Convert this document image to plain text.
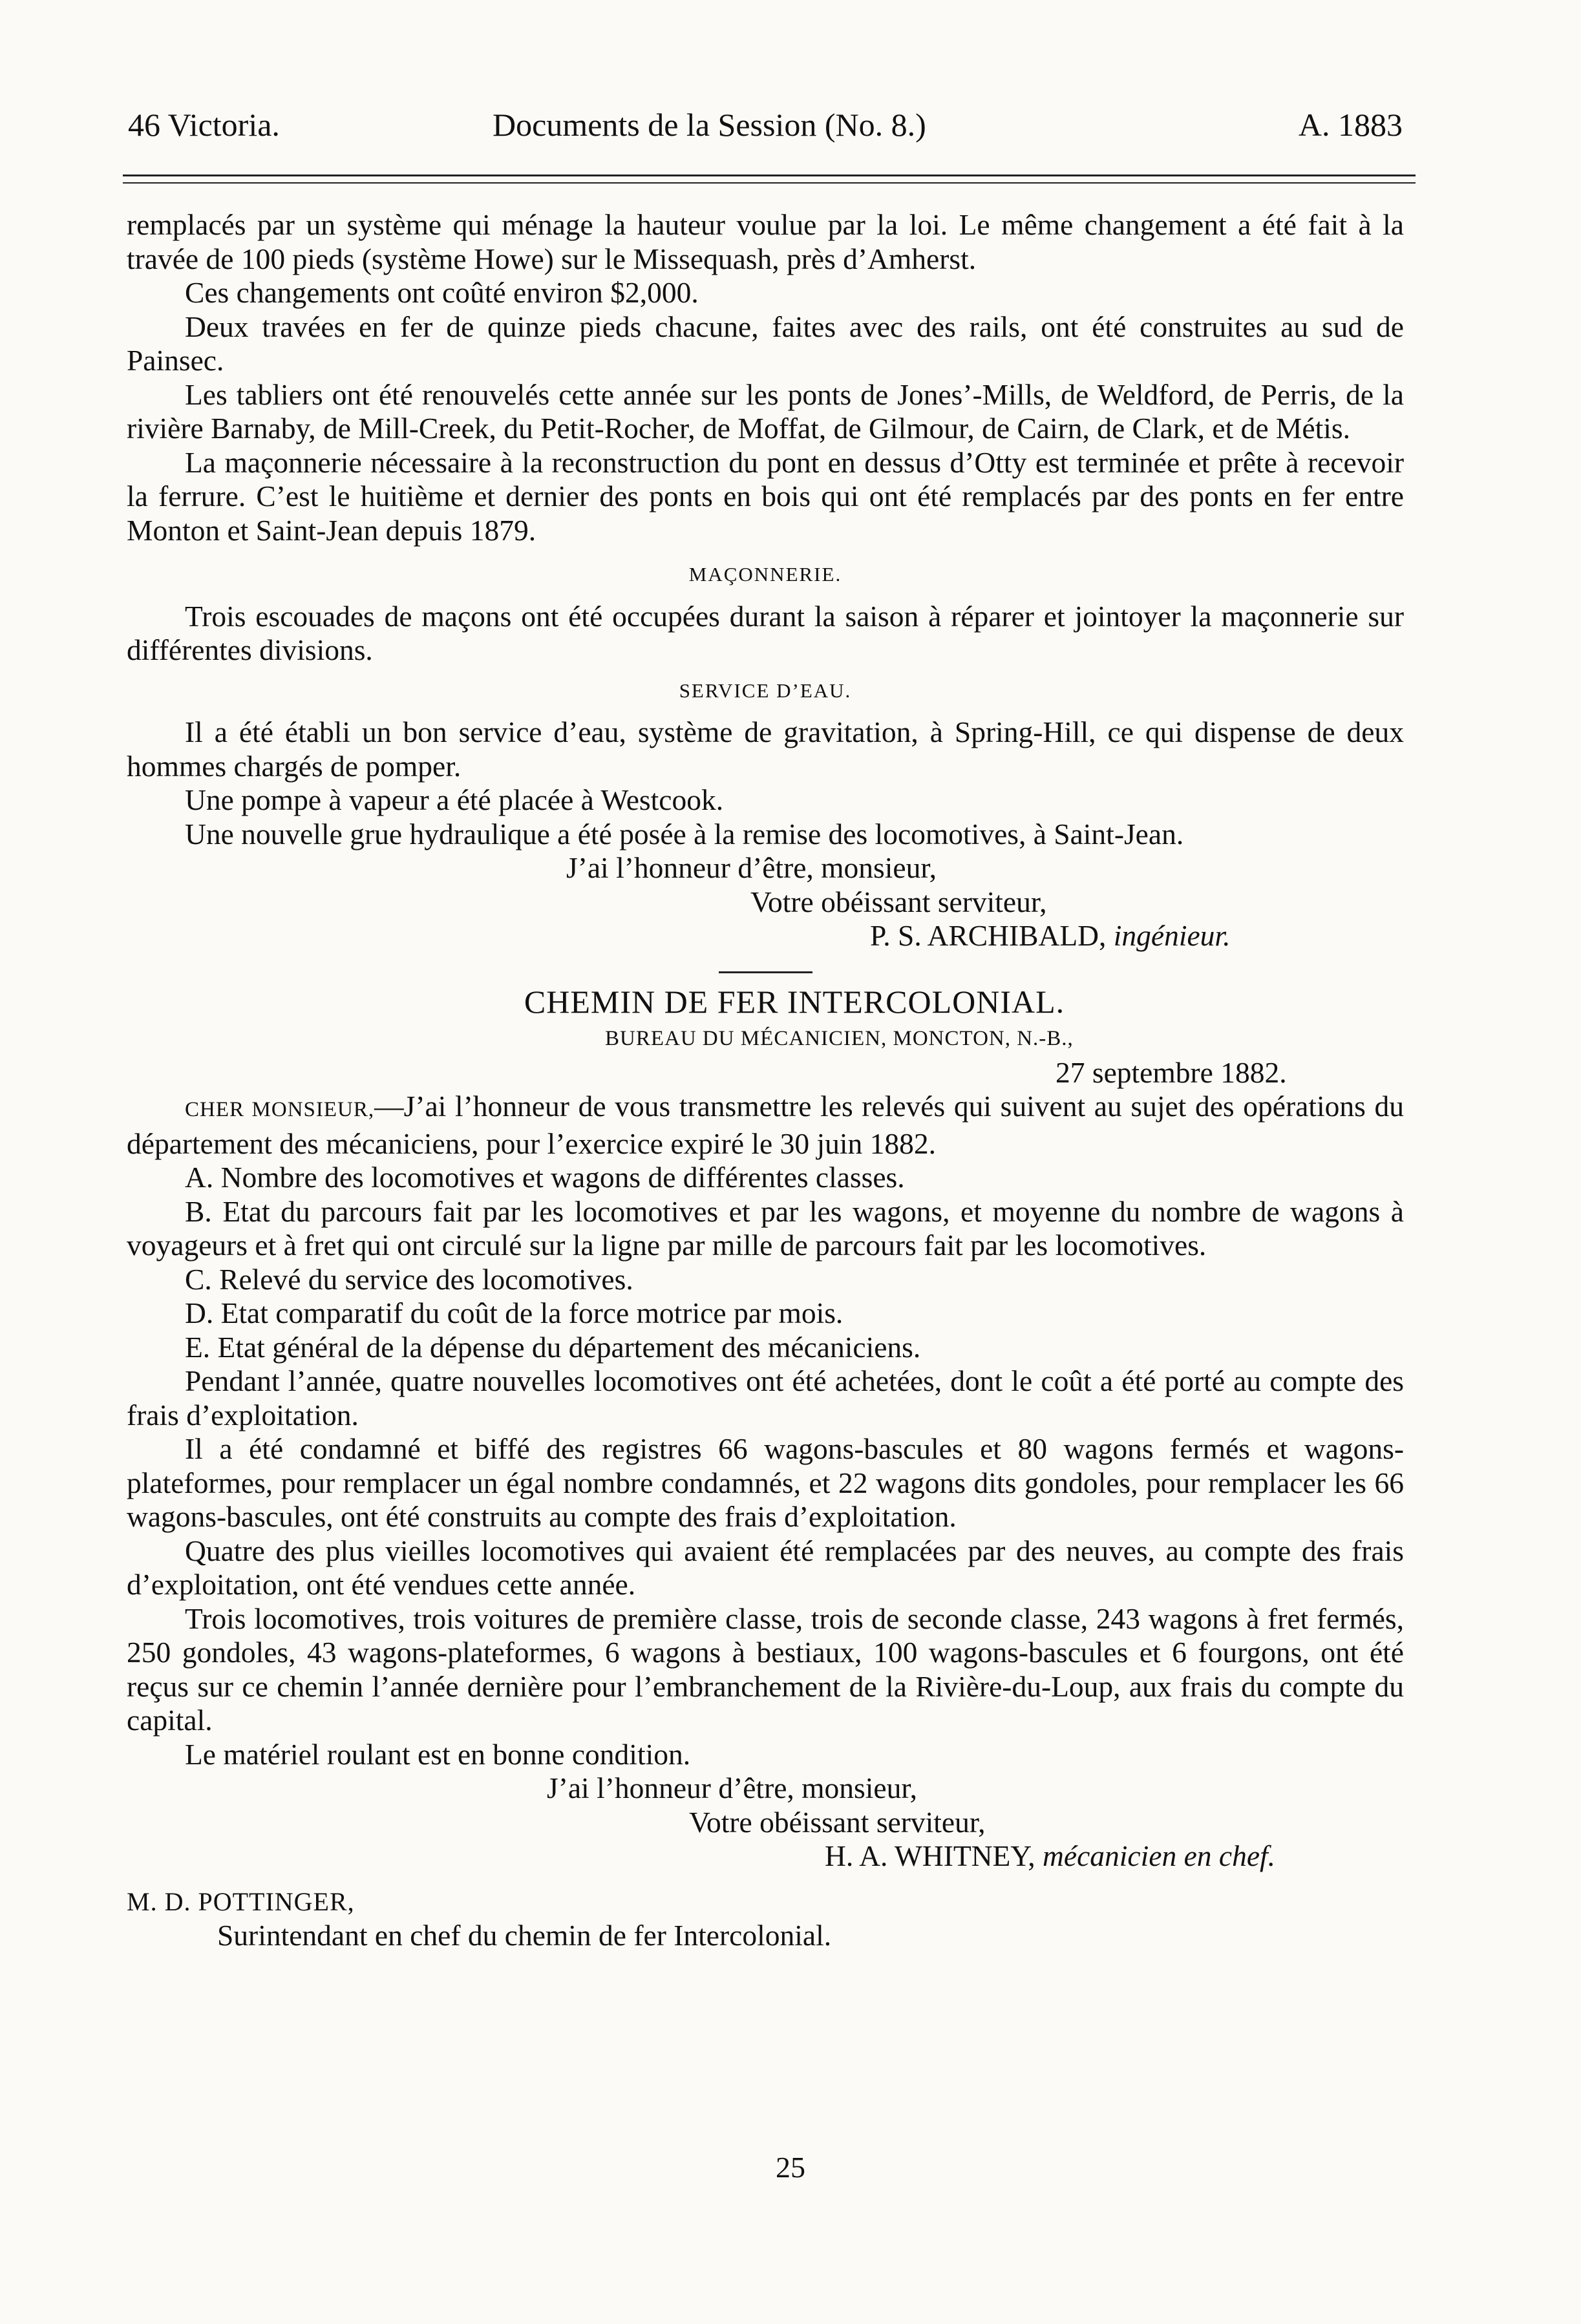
46 Victoria.	Documents de la Session (No. 8.)	A. 1883

remplacés par un système qui ménage la hauteur voulue par la loi. Le même changement a été fait à la travée de 100 pieds (système Howe) sur le Missequash, près d’Amherst.

Ces changements ont coûté environ $2,000.

Deux travées en fer de quinze pieds chacune, faites avec des rails, ont été construites au sud de Painsec.

Les tabliers ont été renouvelés cette année sur les ponts de Jones’-Mills, de Weldford, de Perris, de la rivière Barnaby, de Mill-Creek, du Petit-Rocher, de Moffat, de Gilmour, de Cairn, de Clark, et de Métis.

La maçonnerie nécessaire à la reconstruction du pont en dessus d’Otty est terminée et prête à recevoir la ferrure. C’est le huitième et dernier des ponts en bois qui ont été remplacés par des ponts en fer entre Monton et Saint-Jean depuis 1879.

MAÇONNERIE.

Trois escouades de maçons ont été occupées durant la saison à réparer et jointoyer la maçonnerie sur différentes divisions.

SERVICE D’EAU.

Il a été établi un bon service d’eau, système de gravitation, à Spring-Hill, ce qui dispense de deux hommes chargés de pomper.

Une pompe à vapeur a été placée à Westcook.

Une nouvelle grue hydraulique a été posée à la remise des locomotives, à Saint-Jean.

J’ai l’honneur d’être, monsieur,

Votre obéissant serviteur,

P. S. ARCHIBALD, ingénieur.

CHEMIN DE FER INTERCOLONIAL.

BUREAU DU MÉCANICIEN, MONCTON, N.-B.,

27 septembre 1882.

CHER MONSIEUR,—J’ai l’honneur de vous transmettre les relevés qui suivent au sujet des opérations du département des mécaniciens, pour l’exercice expiré le 30 juin 1882.

A. Nombre des locomotives et wagons de différentes classes.

B. Etat du parcours fait par les locomotives et par les wagons, et moyenne du nombre de wagons à voyageurs et à fret qui ont circulé sur la ligne par mille de parcours fait par les locomotives.

C. Relevé du service des locomotives.

D. Etat comparatif du coût de la force motrice par mois.

E. Etat général de la dépense du département des mécaniciens.

Pendant l’année, quatre nouvelles locomotives ont été achetées, dont le coût a été porté au compte des frais d’exploitation.

Il a été condamné et biffé des registres 66 wagons-bascules et 80 wagons fermés et wagons-plateformes, pour remplacer un égal nombre condamnés, et 22 wagons dits gondoles, pour remplacer les 66 wagons-bascules, ont été construits au compte des frais d’exploitation.

Quatre des plus vieilles locomotives qui avaient été remplacées par des neuves, au compte des frais d’exploitation, ont été vendues cette année.

Trois locomotives, trois voitures de première classe, trois de seconde classe, 243 wagons à fret fermés, 250 gondoles, 43 wagons-plateformes, 6 wagons à bestiaux, 100 wagons-bascules et 6 fourgons, ont été reçus sur ce chemin l’année dernière pour l’embranchement de la Rivière-du-Loup, aux frais du compte du capital.

Le matériel roulant est en bonne condition.

J’ai l’honneur d’être, monsieur,

Votre obéissant serviteur,

H. A. WHITNEY, mécanicien en chef.

M. D. POTTINGER,

Surintendant en chef du chemin de fer Intercolonial.

25
